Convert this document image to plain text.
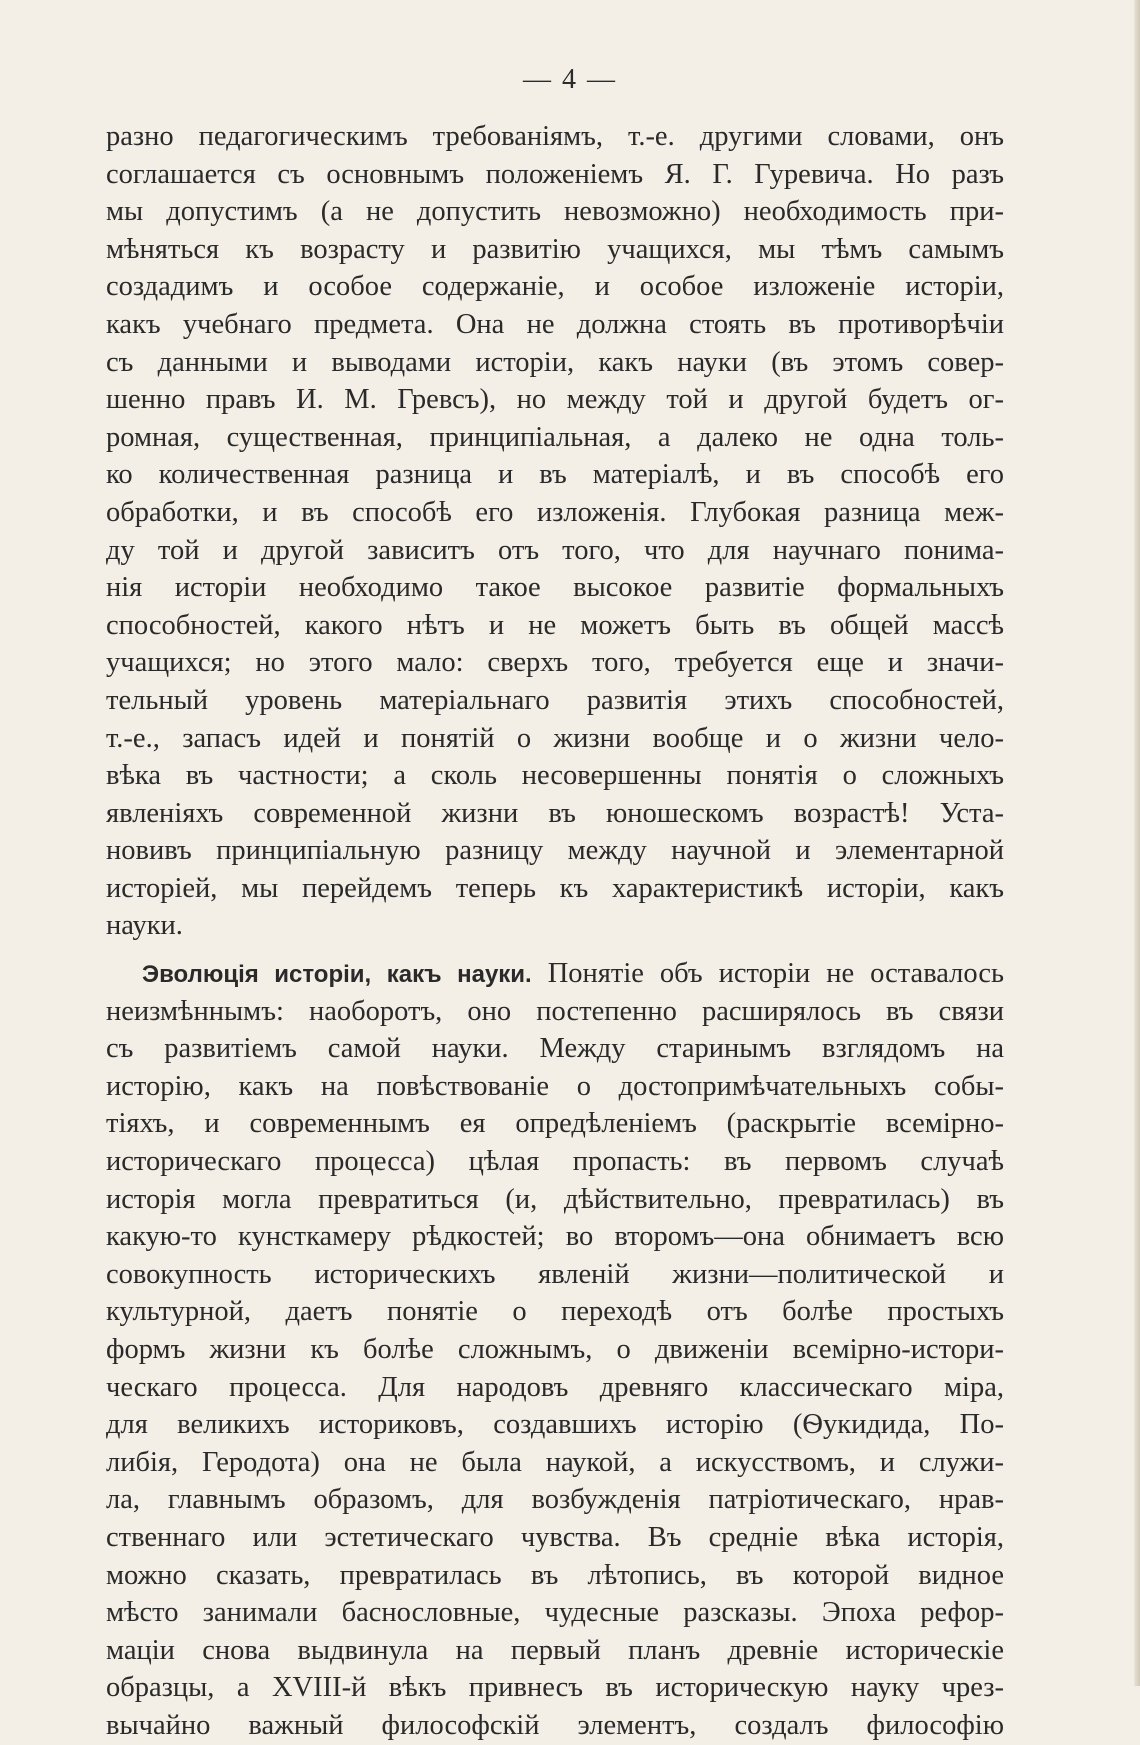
— 4 —
разно педагогическимъ требованіямъ, т.-е. другими словами, онъ
соглашается съ основнымъ положеніемъ Я. Г. Гуревича. Но разъ
мы допустимъ (а не допустить невозможно) необходимость при-
мѣняться къ возрасту и развитію учащихся, мы тѣмъ самымъ
создадимъ и особое содержаніе, и особое изложеніе исторіи,
какъ учебнаго предмета. Она не должна стоять въ противорѣчіи
съ данными и выводами исторіи, какъ науки (въ этомъ совер-
шенно правъ И. М. Гревсъ), но между той и другой будетъ ог-
ромная, существенная, принципіальная, а далеко не одна толь-
ко количественная разница и въ матеріалѣ, и въ способѣ его
обработки, и въ способѣ его изложенія. Глубокая разница меж-
ду той и другой зависитъ отъ того, что для научнаго понима-
нія исторіи необходимо такое высокое развитіе формальныхъ
способностей, какого нѣтъ и не можетъ быть въ общей массѣ
учащихся; но этого мало: сверхъ того, требуется еще и значи-
тельный уровень матеріальнаго развитія этихъ способностей,
т.-е., запасъ идей и понятій о жизни вообще и о жизни чело-
вѣка въ частности; а сколь несовершенны понятія о сложныхъ
явленіяхъ современной жизни въ юношескомъ возрастѣ! Уста-
новивъ принципіальную разницу между научной и элементарной
исторіей, мы перейдемъ теперь къ характеристикѣ исторіи, какъ
науки.
Эволюція исторіи, какъ науки. Понятіе объ исторіи не оставалось
неизмѣннымъ: наоборотъ, оно постепенно расширялось въ связи
съ развитіемъ самой науки. Между старинымъ взглядомъ на
исторію, какъ на повѣствованіе о достопримѣчательныхъ собы-
тіяхъ, и современнымъ ея опредѣленіемъ (раскрытіе всемірно-
историческаго процесса) цѣлая пропасть: въ первомъ случаѣ
исторія могла превратиться (и, дѣйствительно, превратилась) въ
какую-то кунсткамеру рѣдкостей; во второмъ—она обнимаетъ всю
совокупность историческихъ явленій жизни—политической и
культурной, даетъ понятіе о переходѣ отъ болѣе простыхъ
формъ жизни къ болѣе сложнымъ, о движеніи всемірно-истори-
ческаго процесса. Для народовъ древняго классическаго міра,
для великихъ историковъ, создавшихъ исторію (Ѳукидида, По-
либія, Геродота) она не была наукой, а искусствомъ, и служи-
ла, главнымъ образомъ, для возбужденія патріотическаго, нрав-
ственнаго или эстетическаго чувства. Въ средніе вѣка исторія,
можно сказать, превратилась въ лѣтопись, въ которой видное
мѣсто занимали баснословные, чудесные разсказы. Эпоха рефор-
маціи снова выдвинула на первый планъ древніе историческіе
образцы, а XVIII-й вѣкъ привнесъ въ историческую науку чрез-
вычайно важный философскій элементъ, создалъ философію
